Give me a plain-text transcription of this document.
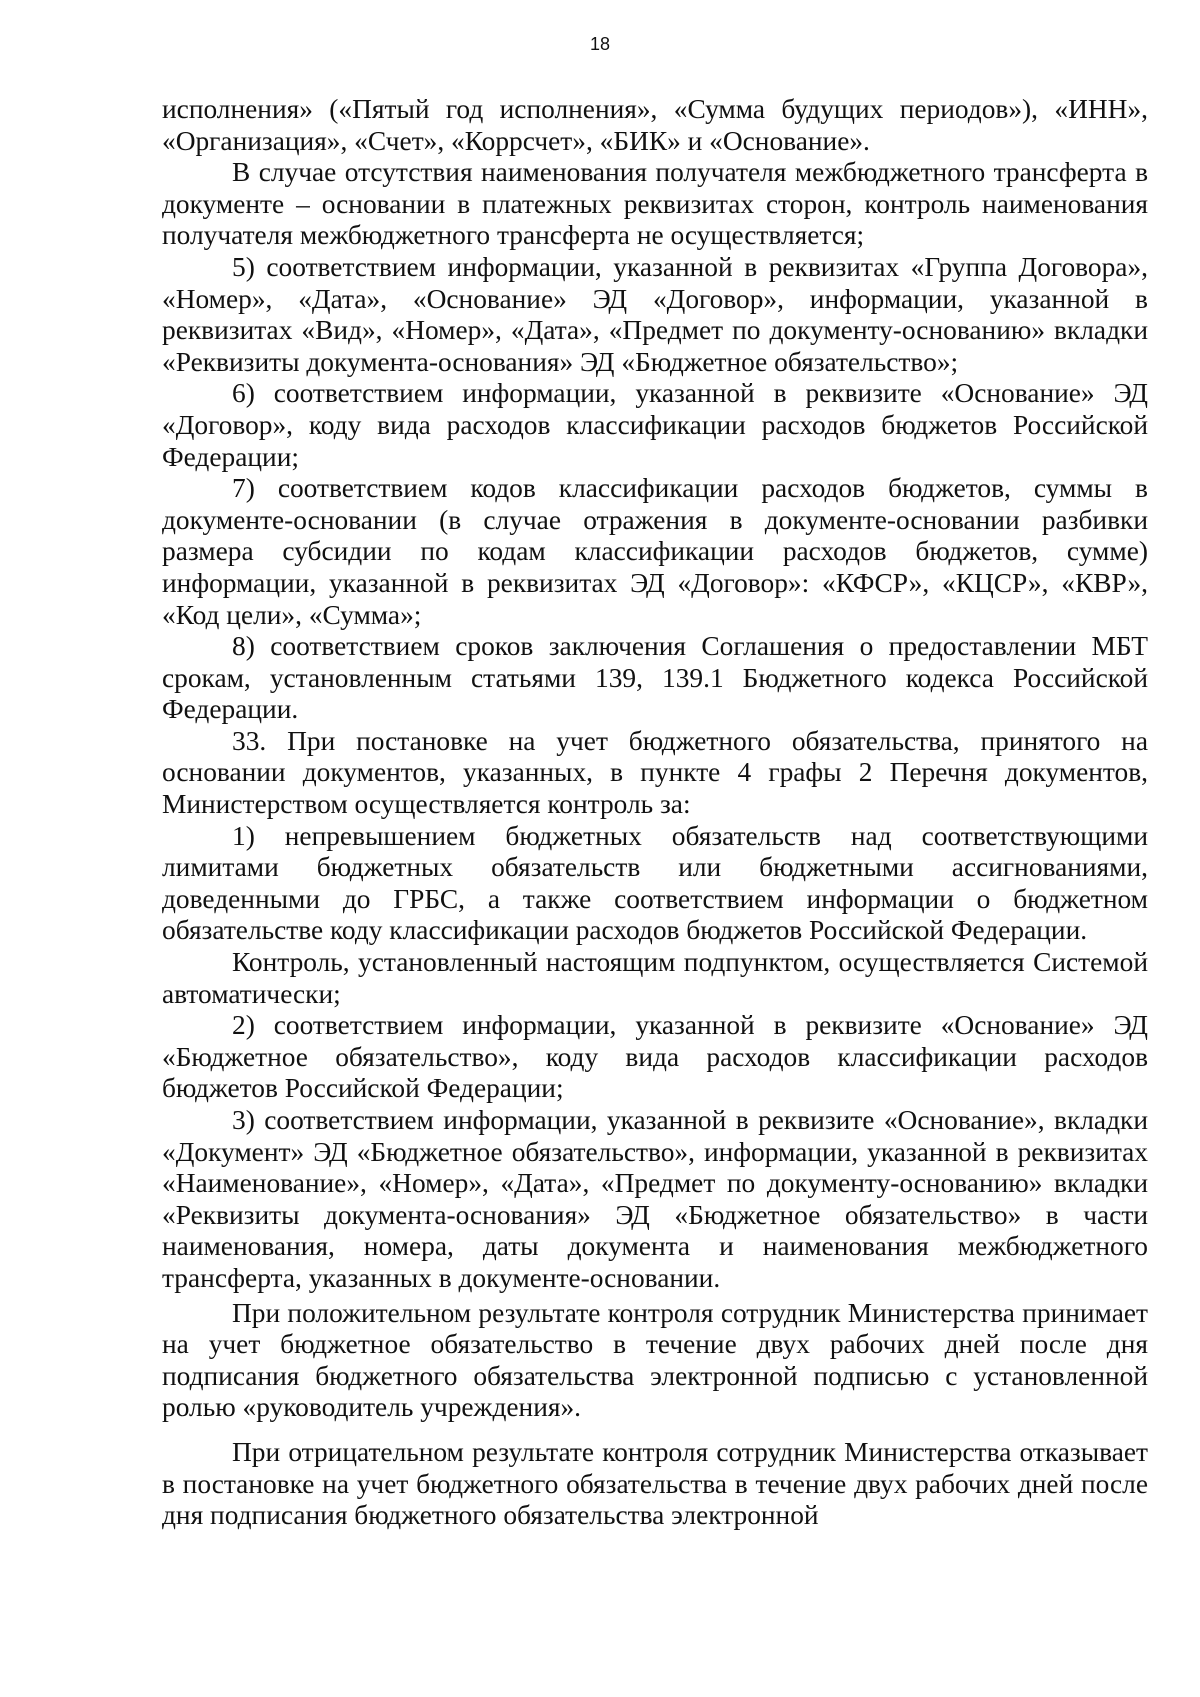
18

исполнения» («Пятый год исполнения», «Сумма будущих периодов»), «ИНН», «Организация», «Счет», «Коррсчет», «БИК» и «Основание».

В случае отсутствия наименования получателя межбюджетного трансферта в документе – основании в платежных реквизитах сторон, контроль наименования получателя межбюджетного трансферта не осуществляется;

5) соответствием информации, указанной в реквизитах «Группа Договора», «Номер», «Дата», «Основание» ЭД «Договор», информации, указанной в реквизитах «Вид», «Номер», «Дата», «Предмет по документу-основанию» вкладки «Реквизиты документа-основания» ЭД «Бюджетное обязательство»;

6) соответствием информации, указанной в реквизите «Основание» ЭД «Договор», коду вида расходов классификации расходов бюджетов Российской Федерации;

7) соответствием кодов классификации расходов бюджетов, суммы в документе-основании (в случае отражения в документе-основании разбивки размера субсидии по кодам классификации расходов бюджетов, сумме) информации, указанной в реквизитах ЭД «Договор»: «КФСР», «КЦСР», «КВР», «Код цели», «Сумма»;

8) соответствием сроков заключения Соглашения о предоставлении МБТ срокам, установленным статьями 139, 139.1 Бюджетного кодекса Российской Федерации.

33. При постановке на учет бюджетного обязательства, принятого на основании документов, указанных, в пункте 4 графы 2 Перечня документов, Министерством осуществляется контроль за:

1) непревышением бюджетных обязательств над соответствующими лимитами бюджетных обязательств или бюджетными ассигнованиями, доведенными до ГРБС, а также соответствием информации о бюджетном обязательстве коду классификации расходов бюджетов Российской Федерации.

Контроль, установленный настоящим подпунктом, осуществляется Системой автоматически;

2) соответствием информации, указанной в реквизите «Основание» ЭД «Бюджетное обязательство», коду вида расходов классификации расходов бюджетов Российской Федерации;

3) соответствием информации, указанной в реквизите «Основание», вкладки «Документ» ЭД «Бюджетное обязательство», информации, указанной в реквизитах «Наименование», «Номер», «Дата», «Предмет по документу-основанию» вкладки «Реквизиты документа-основания» ЭД «Бюджетное обязательство» в части наименования, номера, даты документа и наименования межбюджетного трансферта, указанных в документе-основании.

При положительном результате контроля сотрудник Министерства принимает на учет бюджетное обязательство в течение двух рабочих дней после дня подписания бюджетного обязательства электронной подписью с установленной ролью «руководитель учреждения».

При отрицательном результате контроля сотрудник Министерства отказывает в постановке на учет бюджетного обязательства в течение двух рабочих дней после дня подписания бюджетного обязательства электронной
